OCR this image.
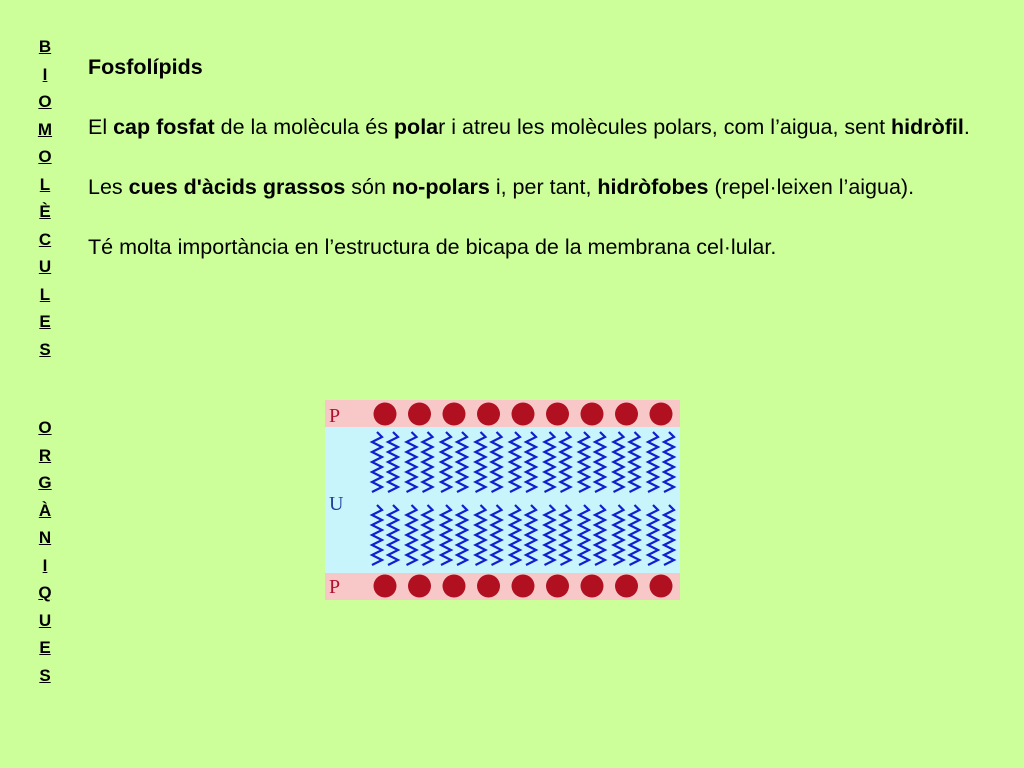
B
I
O
M
O
L
È
C
U
L
E
S
O
R
G
À
N
I
Q
U
E
S

Fosfolípids

El cap fosfat de la molècula és polar i atreu les molècules polars, com l’aigua, sent hidròfil.

Les cues d'àcids grassos són no-polars i, per tant, hidròfobes (repel·leixen l’aigua).

Té molta importància en l’estructura de bicapa de la membrana cel·lular.

P
U
P
